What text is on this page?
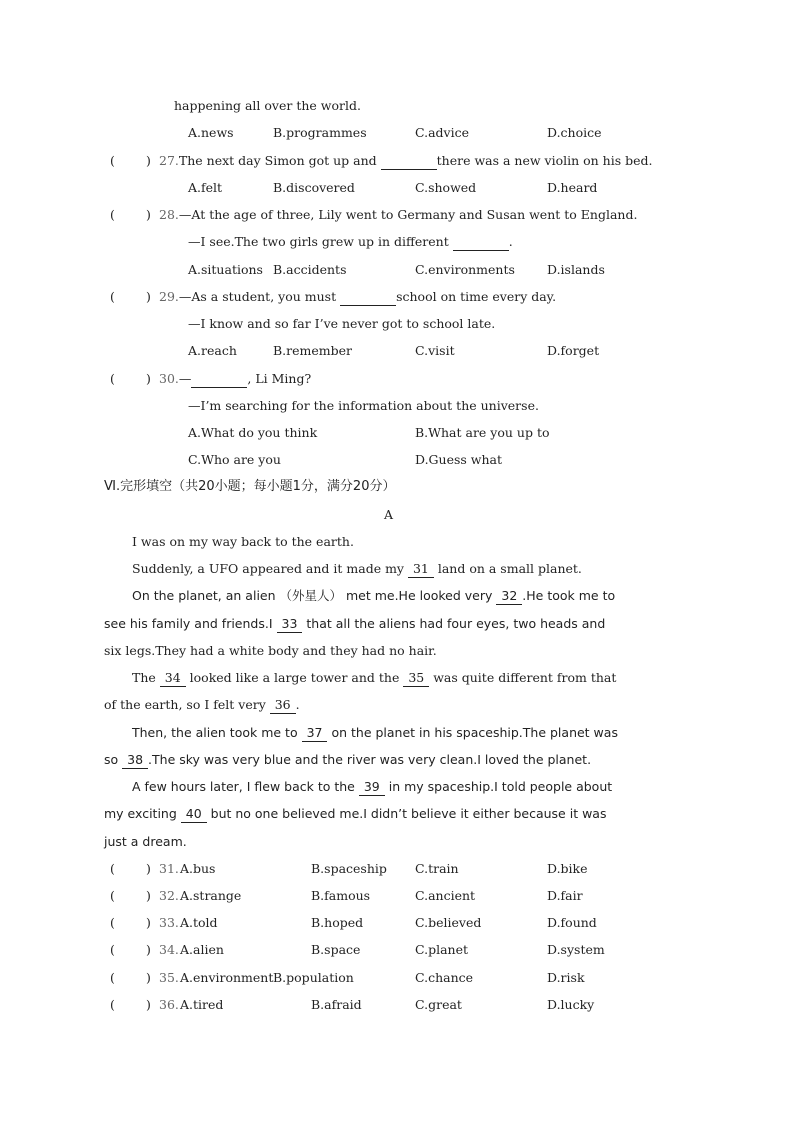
happening all over the world.
A.news	B.programmes	C.advice	D.choice
( ) 27.The next day Simon got up and	there was a new violin on his bed.
A.felt	B.discovered	C.showed	D.heard
( ) 28.—At the age of three, Lily went to Germany and Susan went to England.
—I see.The two girls grew up in different	.
A.situations B.accidents	C.environments	D.islands
( ) 29.—As a student, you must	school on time every day.
—I know and so far I’ve never got to school late.
A.reach	B.remember	C.visit	D.forget
( ) 30.—	, Li Ming?
—I’m searching for the information about the universe.
A.What do you think	B.What are you up to
C.Who are you	D.Guess what
Ⅵ.完形填空（共20小题；每小题1分，满分20分）
A
I was on my way back to the earth.
Suddenly, a UFO appeared and it made my 31 land on a small planet.
On the planet, an alien （外星人） met me.He looked very 32 .He took me to
see his family and friends.I 33 that all the aliens had four eyes, two heads and
six legs.They had a white body and they had no hair.
The 34 looked like a large tower and the 35 was quite different from that
of the earth, so I felt very 36 .
Then, the alien took me to 37 on the planet in his spaceship.The planet was
so 38 .The sky was very blue and the river was very clean.I loved the planet.
A few hours later, I flew back to the 39 in my spaceship.I told people about
my exciting 40 but no one believed me.I didn’t believe it either because it was
just a dream.
( ) 31. A.bus	B.spaceship C.train	D.bike
( ) 32. A.strange	B.famous	C.ancient	D.fair
( ) 33. A.told	B.hoped	C.believed	D.found
( ) 34. A.alien	B.space	C.planet	D.system
( ) 35. A.environment B.population	C.chance	D.risk
( ) 36. A.tired	B.afraid	C.great	D.lucky
